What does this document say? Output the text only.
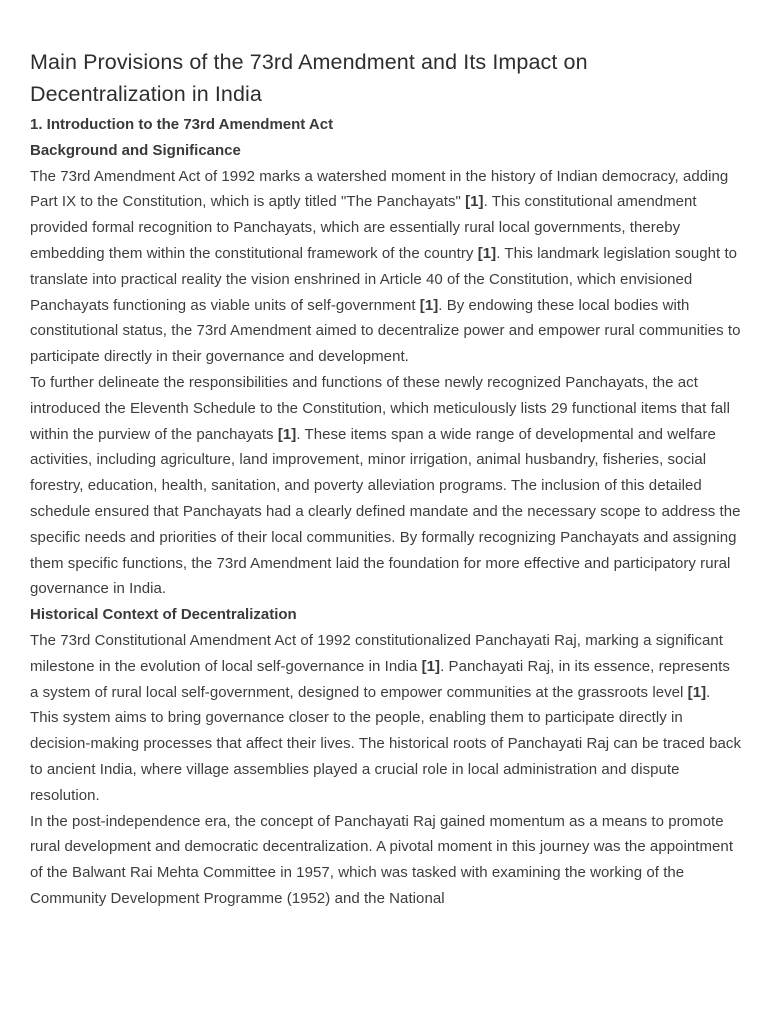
Main Provisions of the 73rd Amendment and Its Impact on Decentralization in India
1. Introduction to the 73rd Amendment Act
Background and Significance

The 73rd Amendment Act of 1992 marks a watershed moment in the history of Indian democracy, adding Part IX to the Constitution, which is aptly titled "The Panchayats" [1]. This constitutional amendment provided formal recognition to Panchayats, which are essentially rural local governments, thereby embedding them within the constitutional framework of the country [1]. This landmark legislation sought to translate into practical reality the vision enshrined in Article 40 of the Constitution, which envisioned Panchayats functioning as viable units of self-government [1]. By endowing these local bodies with constitutional status, the 73rd Amendment aimed to decentralize power and empower rural communities to participate directly in their governance and development.

To further delineate the responsibilities and functions of these newly recognized Panchayats, the act introduced the Eleventh Schedule to the Constitution, which meticulously lists 29 functional items that fall within the purview of the panchayats [1]. These items span a wide range of developmental and welfare activities, including agriculture, land improvement, minor irrigation, animal husbandry, fisheries, social forestry, education, health, sanitation, and poverty alleviation programs. The inclusion of this detailed schedule ensured that Panchayats had a clearly defined mandate and the necessary scope to address the specific needs and priorities of their local communities. By formally recognizing Panchayats and assigning them specific functions, the 73rd Amendment laid the foundation for more effective and participatory rural governance in India.

Historical Context of Decentralization

The 73rd Constitutional Amendment Act of 1992 constitutionalized Panchayati Raj, marking a significant milestone in the evolution of local self-governance in India [1]. Panchayati Raj, in its essence, represents a system of rural local self-government, designed to empower communities at the grassroots level [1]. This system aims to bring governance closer to the people, enabling them to participate directly in decision-making processes that affect their lives. The historical roots of Panchayati Raj can be traced back to ancient India, where village assemblies played a crucial role in local administration and dispute resolution.

In the post-independence era, the concept of Panchayati Raj gained momentum as a means to promote rural development and democratic decentralization. A pivotal moment in this journey was the appointment of the Balwant Rai Mehta Committee in 1957, which was tasked with examining the working of the Community Development Programme (1952) and the National
